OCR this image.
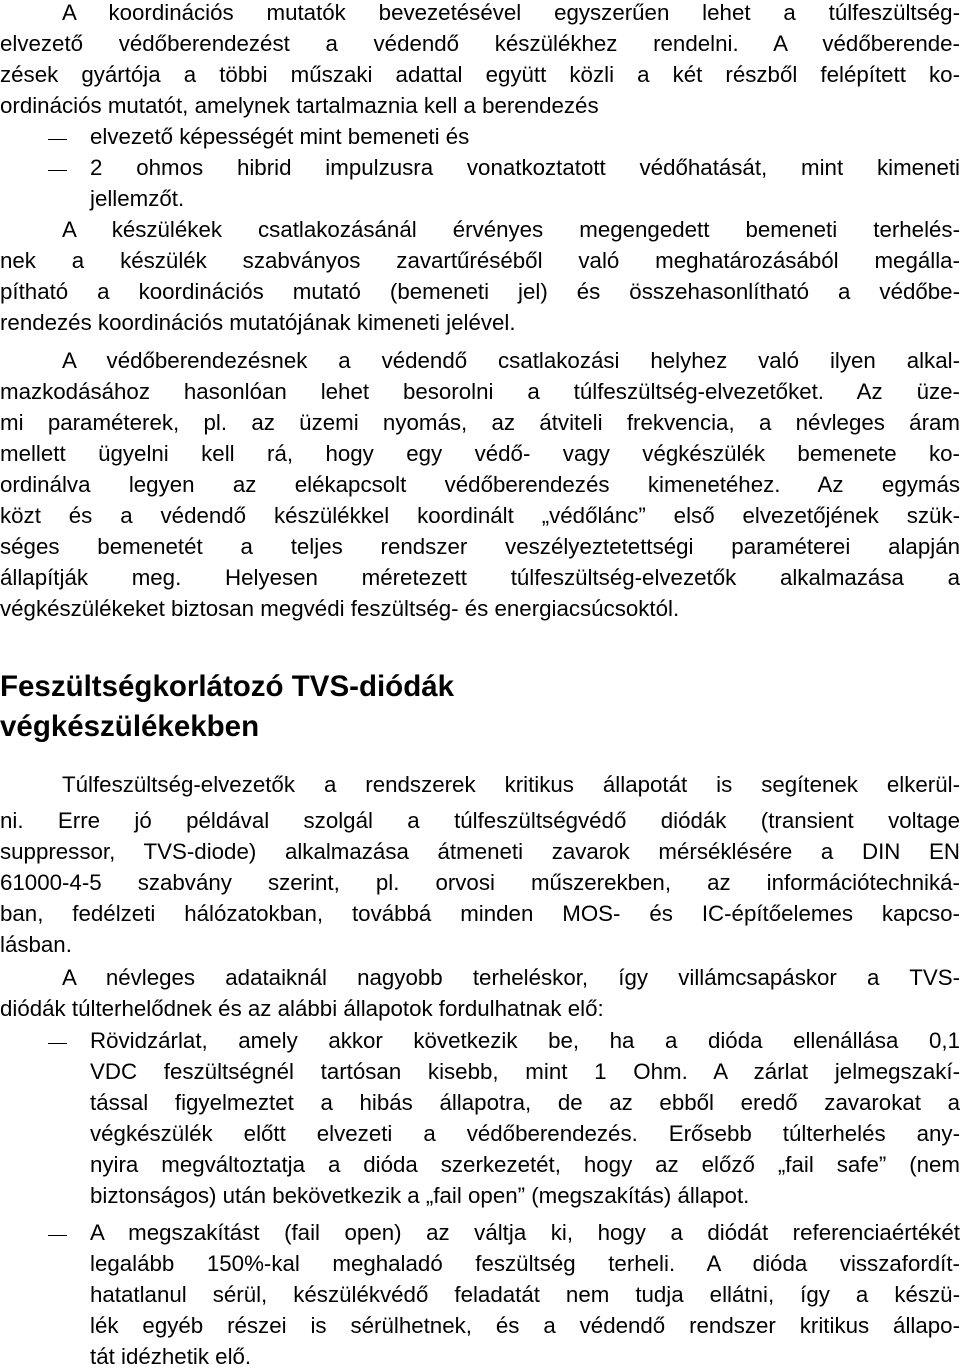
A koordinációs mutatók bevezetésével egyszerűen lehet a túlfeszültség-
elvezető védőberendezést a védendő készülékhez rendelni. A védőberende-
zések gyártója a többi műszaki adattal együtt közli a két részből felépített ko-
ordinációs mutatót, amelynek tartalmaznia kell a berendezés
elvezető képességét mint bemeneti és
2 ohmos hibrid impulzusra vonatkoztatott védőhatását, mint kimeneti
jellemzőt.
A készülékek csatlakozásánál érvényes megengedett bemeneti terhelés-
nek a készülék szabványos zavartűréséből való meghatározásából megálla-
pítható a koordinációs mutató (bemeneti jel) és összehasonlítható a védőbe-
rendezés koordinációs mutatójának kimeneti jelével.
A védőberendezésnek a védendő csatlakozási helyhez való ilyen alkal-
mazkodásához hasonlóan lehet besorolni a túlfeszültség-elvezetőket. Az üze-
mi paraméterek, pl. az üzemi nyomás, az átviteli frekvencia, a névleges áram
mellett ügyelni kell rá, hogy egy védő- vagy végkészülék bemenete ko-
ordinálva legyen az elékapcsolt védőberendezés kimenetéhez. Az egymás
közt és a védendő készülékkel koordinált „védőlánc” első elvezetőjének szük-
séges bemenetét a teljes rendszer veszélyeztetettségi paraméterei alapján
állapítják meg. Helyesen méretezett túlfeszültség-elvezetők alkalmazása a
végkészülékeket biztosan megvédi feszültség- és energiacsúcsoktól.
Feszültségkorlátozó TVS-diódák
végkészülékekben
Túlfeszültség-elvezetők a rendszerek kritikus állapotát is segítenek elkerül-
ni. Erre jó példával szolgál a túlfeszültségvédő diódák (transient voltage
suppressor, TVS-diode) alkalmazása átmeneti zavarok mérséklésére a DIN EN
61000-4-5 szabvány szerint, pl. orvosi műszerekben, az információtechniká-
ban, fedélzeti hálózatokban, továbbá minden MOS- és IC-építőelemes kapcso-
lásban.
A névleges adataiknál nagyobb terheléskor, így villámcsapáskor a TVS-
diódák túlterhelődnek és az alábbi állapotok fordulhatnak elő:
Rövidzárlat, amely akkor következik be, ha a dióda ellenállása 0,1
VDC feszültségnél tartósan kisebb, mint 1 Ohm. A zárlat jelmegszakí-
tással figyelmeztet a hibás állapotra, de az ebből eredő zavarokat a
végkészülék előtt elvezeti a védőberendezés. Erősebb túlterhelés any-
nyira megváltoztatja a dióda szerkezetét, hogy az előző „fail safe” (nem
biztonságos) után bekövetkezik a „fail open” (megszakítás) állapot.
A megszakítást (fail open) az váltja ki, hogy a diódát referenciaértékét
legalább 150%-kal meghaladó feszültség terheli. A dióda visszafordít-
hatatlanul sérül, készülékvédő feladatát nem tudja ellátni, így a készü-
lék egyéb részei is sérülhetnek, és a védendő rendszer kritikus állapo-
tát idézhetik elő.
